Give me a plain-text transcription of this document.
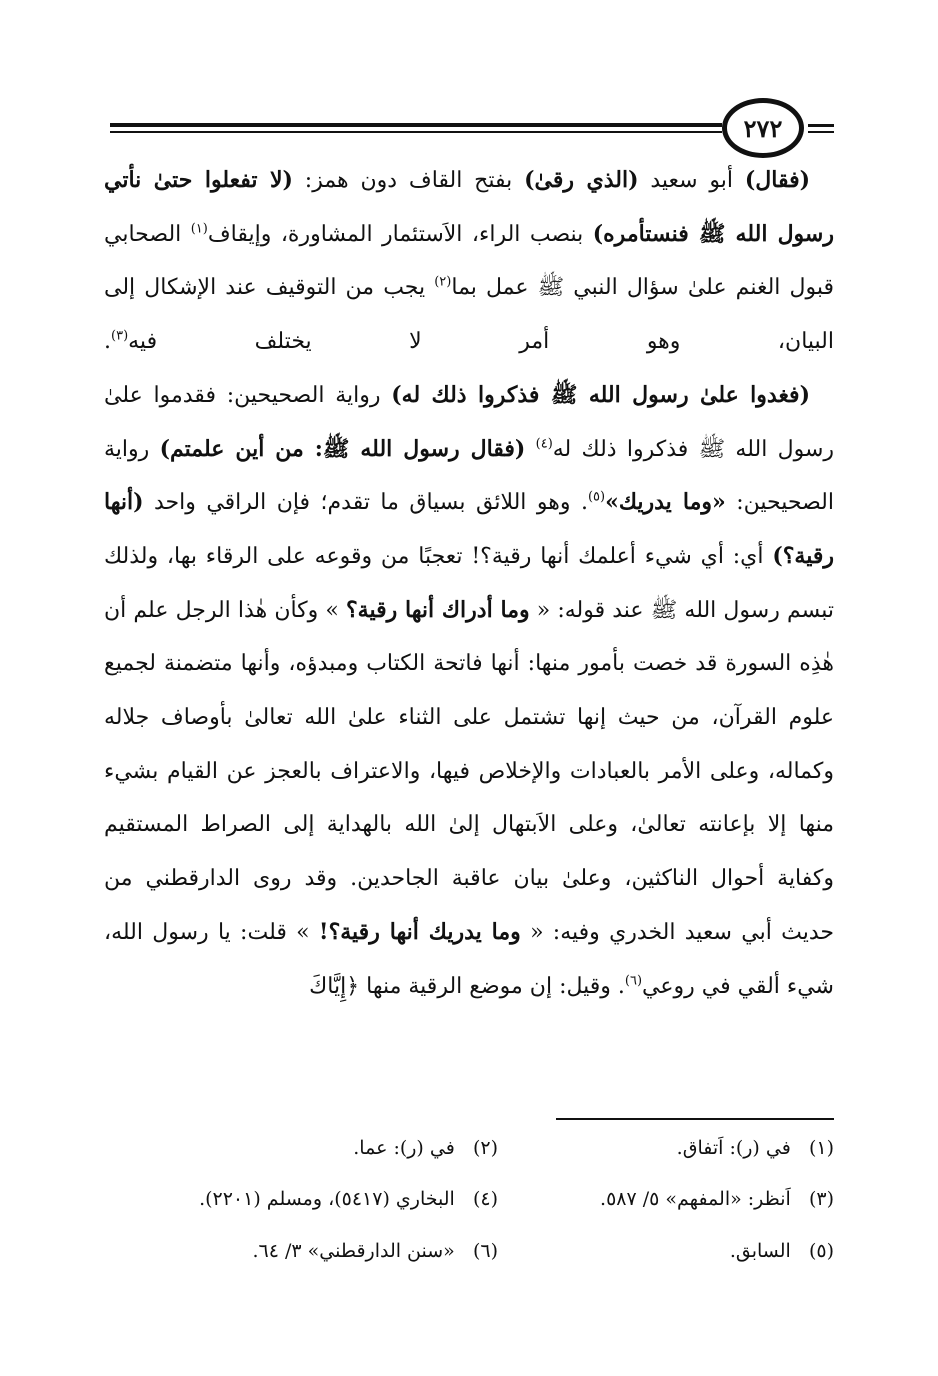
٢٧٢

(فقال) أبو سعيد (الذي رقىٰ) بفتح القاف دون همز: (لا تفعلوا حتىٰ نأتي رسول الله ﷺ فنستأمره) بنصب الراء، الاَستئمار المشاورة، وإيقاف$^{(١)}$ الصحابي قبول الغنم علىٰ سؤال النبي ﷺ عمل بما$^{(٢)}$ يجب من التوقيف عند الإشكال إلى البيان، وهو أمر لا يختلف فيه$^{(٣)}$.

(فغدوا علىٰ رسول الله ﷺ فذكروا ذلك له) رواية الصحيحين: فقدموا علىٰ رسول الله ﷺ فذكروا ذلك له$^{(٤)}$ (فقال رسول الله ﷺ: من أين علمتم) رواية الصحيحين: «وما يدريك»$^{(٥)}$. وهو اللائق بسياق ما تقدم؛ فإن الراقي واحد (أنها رقية؟) أي: أي شيء أعلمك أنها رقية؟! تعجبًا من وقوعه على الرقاء بها، ولذلك تبسم رسول الله ﷺ عند قوله: « وما أدراك أنها رقية؟ » وكأن هٰذا الرجل علم أن هٰذِه السورة قد خصت بأمور منها: أنها فاتحة الكتاب ومبدؤه، وأنها متضمنة لجميع علوم القرآن، من حيث إنها تشتمل على الثناء علىٰ الله تعالىٰ بأوصاف جلاله وكماله، وعلى الأمر بالعبادات والإخلاص فيها، والاعتراف بالعجز عن القيام بشيء منها إلا بإعانته تعالىٰ، وعلى الاَبتهال إلىٰ الله بالهداية إلى الصراط المستقيم وكفاية أحوال الناكثين، وعلىٰ بيان عاقبة الجاحدين. وقد روى الدارقطني من حديث أبي سعيد الخدري وفيه: « وما يدريك أنها رقية؟! » قلت: يا رسول الله، شيء ألقي في روعي$^{(٦)}$. وقيل: إن موضع الرقية منها ﴿إِيَّاكَ

(١)   في (ر): اَتفاق.
(٢)   في (ر): عما.
(٣)   اَنظر: «المفهم» ٥/ ٥٨٧.
(٤)   البخاري (٥٤١٧)، ومسلم (٢٢٠١).
(٥)   السابق.
(٦)   «سنن الدارقطني» ٣/ ٦٤.
